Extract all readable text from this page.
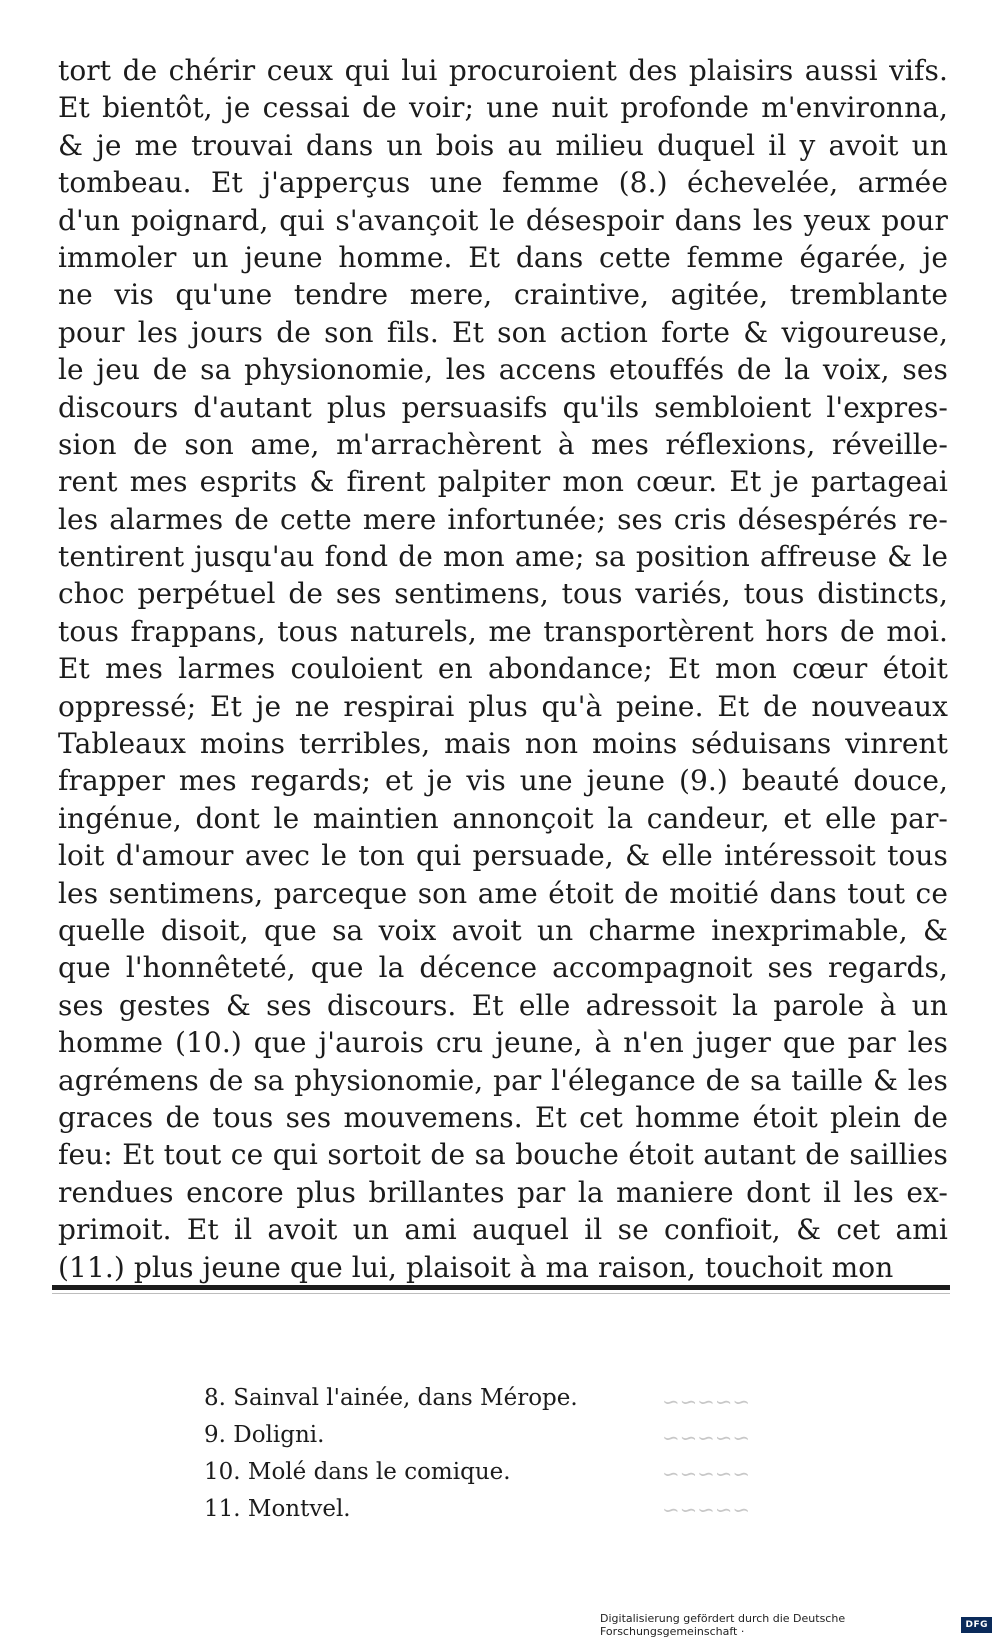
tort de chérir ceux qui lui procuroient des plaisirs aussi vifs.
Et bientôt, je cessai de voir; une nuit profonde m'environna,
& je me trouvai dans un bois au milieu duquel il y avoit un
tombeau. Et j'apperçus une femme (8.) échevelée, armée
d'un poignard, qui s'avançoit le désespoir dans les yeux pour
immoler un jeune homme. Et dans cette femme égarée, je
ne vis qu'une tendre mere, craintive, agitée, tremblante
pour les jours de son fils. Et son action forte & vigoureuse,
le jeu de sa physionomie, les accens etouffés de la voix, ses
discours d'autant plus persuasifs qu'ils sembloient l'expres-
sion de son ame, m'arrachèrent à mes réflexions, réveille-
rent mes esprits & firent palpiter mon cœur. Et je partageai
les alarmes de cette mere infortunée; ses cris désespérés re-
tentirent jusqu'au fond de mon ame; sa position affreuse & le
choc perpétuel de ses sentimens, tous variés, tous distincts,
tous frappans, tous naturels, me transportèrent hors de moi.
Et mes larmes couloient en abondance; Et mon cœur étoit
oppressé; Et je ne respirai plus qu'à peine. Et de nouveaux
Tableaux moins terribles, mais non moins séduisans vinrent
frapper mes regards; et je vis une jeune (9.) beauté douce,
ingénue, dont le maintien annonçoit la candeur, et elle par-
loit d'amour avec le ton qui persuade, & elle intéressoit tous
les sentimens, parceque son ame étoit de moitié dans tout ce
quelle disoit, que sa voix avoit un charme inexprimable, &
que l'honnêteté, que la décence accompagnoit ses regards,
ses gestes & ses discours. Et elle adressoit la parole à un
homme (10.) que j'aurois cru jeune, à n'en juger que par les
agrémens de sa physionomie, par l'élegance de sa taille & les
graces de tous ses mouvemens. Et cet homme étoit plein de
feu: Et tout ce qui sortoit de sa bouche étoit autant de saillies
rendues encore plus brillantes par la maniere dont il les ex-
primoit. Et il avoit un ami auquel il se confioit, & cet ami
(11.) plus jeune que lui, plaisoit à ma raison, touchoit mon
8. Sainval l'ainée, dans Mérope.
9. Doligni.
10. Molé dans le comique.
11. Montvel.
~~~~~
~~~~~
~~~~~
~~~~~
Digitalisierung gefördert durch die Deutsche Forschungsgemeinschaft ·	DFG
